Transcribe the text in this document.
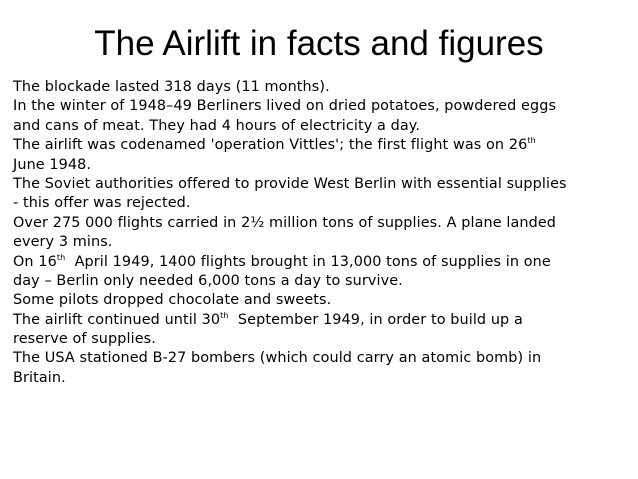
The Airlift in facts and figures
The blockade lasted 318 days (11 months).
In the winter of 1948–49 Berliners lived on dried potatoes, powdered eggs
and cans of meat. They had 4 hours of electricity a day.
The airlift was codenamed 'operation Vittles'; the first flight was on 26th
June 1948.
The Soviet authorities offered to provide West Berlin with essential supplies
- this offer was rejected.
Over 275 000 flights carried in 2½ million tons of supplies. A plane landed
every 3 mins.
On 16th  April 1949, 1400 flights brought in 13,000 tons of supplies in one
day – Berlin only needed 6,000 tons a day to survive.
Some pilots dropped chocolate and sweets.
The airlift continued until 30th  September 1949, in order to build up a
reserve of supplies.
The USA stationed B-27 bombers (which could carry an atomic bomb) in
Britain.
